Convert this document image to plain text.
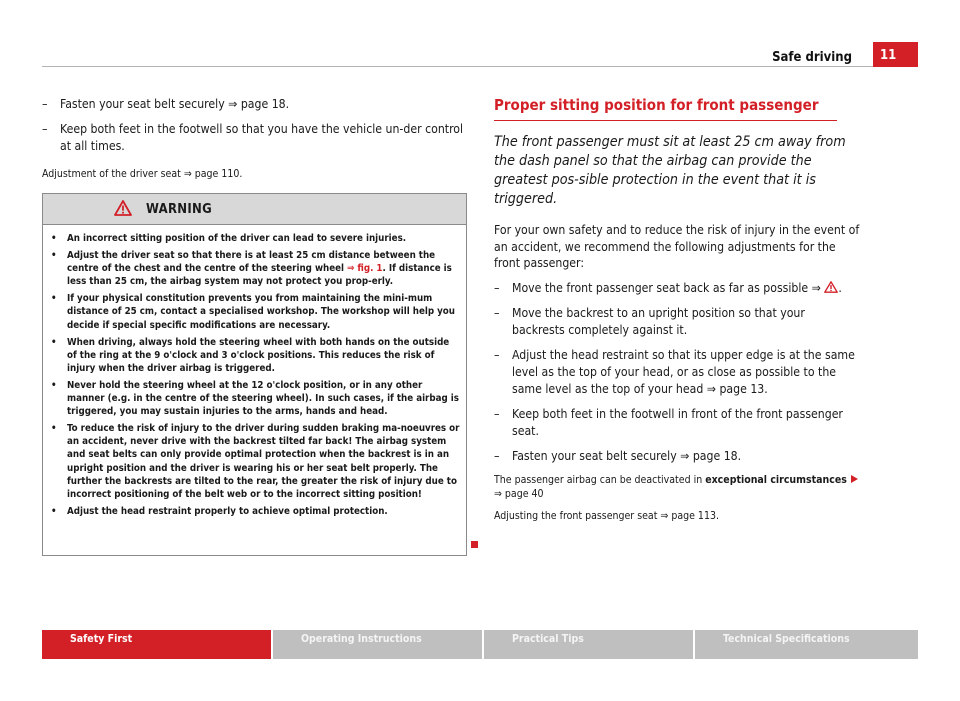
Safe driving	11
– Fasten your seat belt securely ⇒ page 18.
– Keep both feet in the footwell so that you have the vehicle un-der control at all times.

Adjustment of the driver seat ⇒ page 110.

WARNING
• An incorrect sitting position of the driver can lead to severe injuries.
• Adjust the driver seat so that there is at least 25 cm distance between the centre of the chest and the centre of the steering wheel ⇒ fig. 1. If distance is less than 25 cm, the airbag system may not protect you prop-erly.
• If your physical constitution prevents you from maintaining the mini-mum distance of 25 cm, contact a specialised workshop. The workshop will help you decide if special specific modifications are necessary.
• When driving, always hold the steering wheel with both hands on the outside of the ring at the 9 o'clock and 3 o'clock positions. This reduces the risk of injury when the driver airbag is triggered.
• Never hold the steering wheel at the 12 o'clock position, or in any other manner (e.g. in the centre of the steering wheel). In such cases, if the airbag is triggered, you may sustain injuries to the arms, hands and head.
• To reduce the risk of injury to the driver during sudden braking ma-noeuvres or an accident, never drive with the backrest tilted far back! The airbag system and seat belts can only provide optimal protection when the backrest is in an upright position and the driver is wearing his or her seat belt properly. The further the backrests are tilted to the rear, the greater the risk of injury due to incorrect positioning of the belt web or to the incorrect sitting position!
• Adjust the head restraint properly to achieve optimal protection.
Proper sitting position for front passenger

The front passenger must sit at least 25 cm away from the dash panel so that the airbag can provide the greatest pos-sible protection in the event that it is triggered.

For your own safety and to reduce the risk of injury in the event of an accident, we recommend the following adjustments for the front passenger:

– Move the front passenger seat back as far as possible ⇒ .
– Move the backrest to an upright position so that your backrests completely against it.
– Adjust the head restraint so that its upper edge is at the same level as the top of your head, or as close as possible to the same level as the top of your head ⇒ page 13.
– Keep both feet in the footwell in front of the front passenger seat.
– Fasten your seat belt securely ⇒ page 18.

The passenger airbag can be deactivated in exceptional circumstances
⇒ page 40

Adjusting the front passenger seat ⇒ page 113.

Safety First	Operating Instructions	Practical Tips	Technical Specifications
